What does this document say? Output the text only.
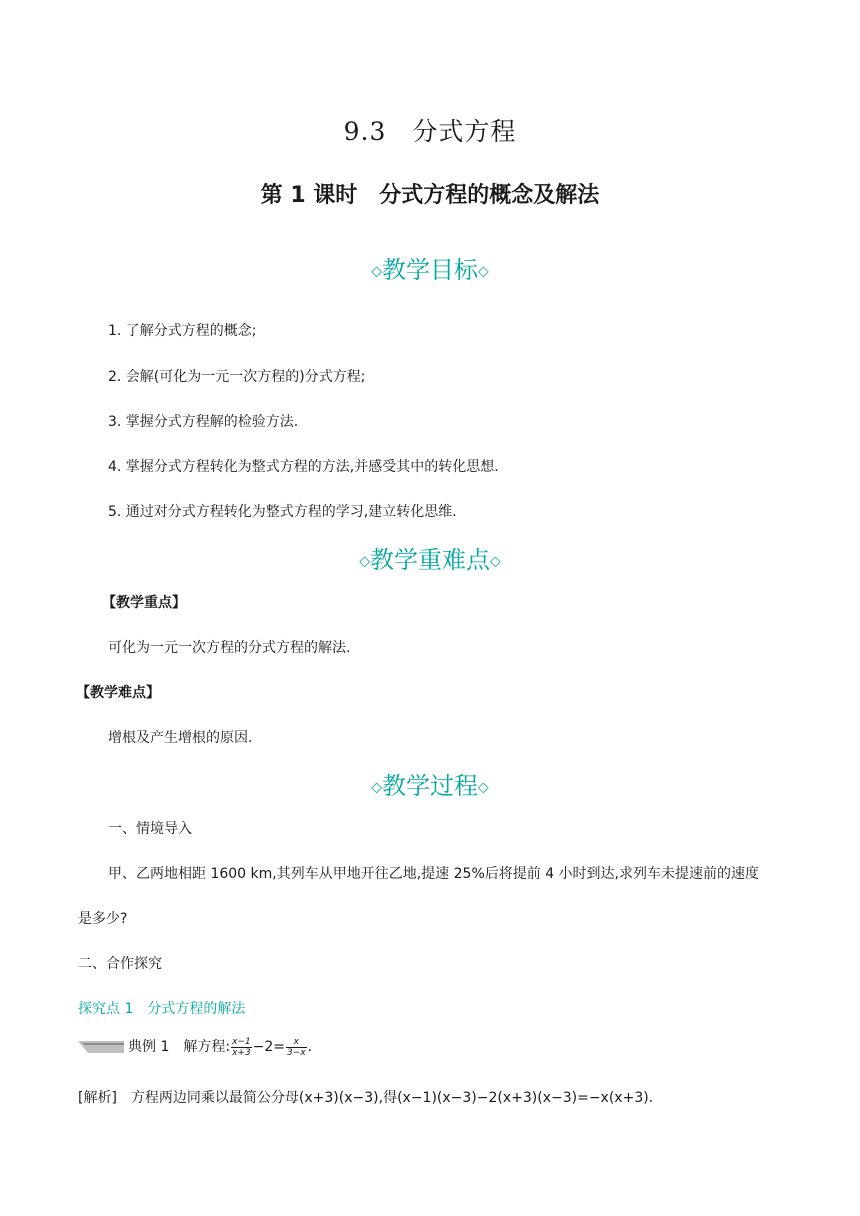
9.3　分式方程
第 1 课时　分式方程的概念及解法
◇教学目标◇
1. 了解分式方程的概念;
2. 会解(可化为一元一次方程的)分式方程;
3. 掌握分式方程解的检验方法.
4. 掌握分式方程转化为整式方程的方法,并感受其中的转化思想.
5. 通过对分式方程转化为整式方程的学习,建立转化思维.
◇教学重难点◇
【教学重点】
可化为一元一次方程的分式方程的解法.
【教学难点】
增根及产生增根的原因.
◇教学过程◇
一、情境导入
甲、乙两地相距 1600 km,其列车从甲地开往乙地,提速 25%后将提前 4 小时到达,求列车未提速前的速度
是多少?
二、合作探究
探究点 1　分式方程的解法
典例 1　解方程: $\frac{x-1}{x+3} -2= \frac{x}{3-x}$ .
[解析]　方程两边同乘以最简公分母(x+3)(x−3),得(x−1)(x−3)−2(x+3)(x−3)=−x(x+3).
